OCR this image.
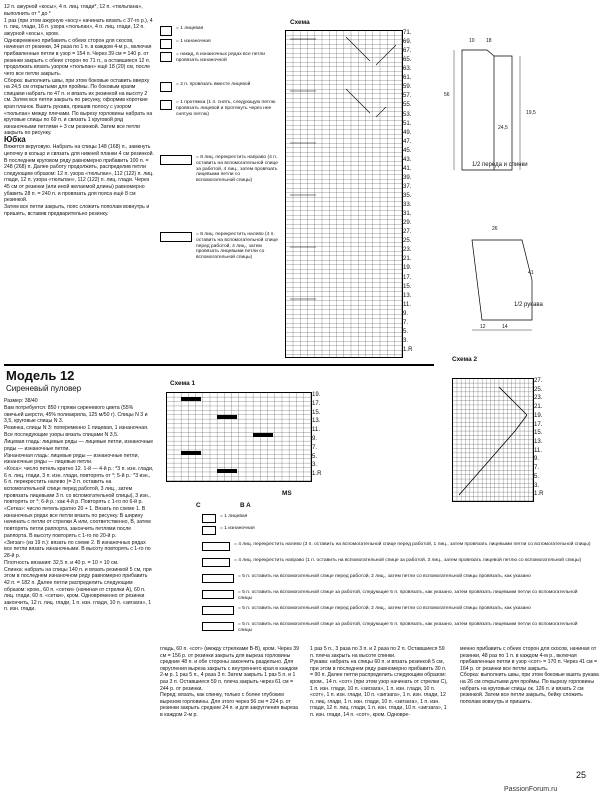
12 п. ажурной «косы», 4 п. лиц. глади*, 12 п. «тюльпана», выполнить от * до *

1 раз (при этом ажурную «косу» начинать вязать с 37-го р.), 4 п. лиц. глади, 16 п. узора «тюльпан», 4 п. лиц. глади, 12 п. ажурной «косы», кром.

Одновременно прибавить с обеих сторон для скосов, начиная от резинки, 34 раза по 1 п. в каждом 4-м р., включая прибавленные петли в узор = 154 п. Через 39 см = 140 р. от резинки закрыть с обеих сторон по 71 п., а оставшиеся 12 п. продолжать вязать узором «тюльпан» ещё 18 (20) см, после чего все петли закрыть.

Сборка: выполнить швы, при этом боковые оставить вверху на 24,5 см открытыми для проймы. По боковым краям спицами набрать по 47 п. и вязать их резинкой на высоту 2 см. Затем все петли закрыть по рисунку, оформив короткие края планок. Вшить рукава, пришив полосу с узором «тюльпан» между плечами. По вырезу горловины набрать на круговые спицы по 69 п. и связать 1 круговой ряд изнаночными петлями + 3 см резинкой. Затем все петли закрыть по рисунку.

Юбка

Вяжется вкруговую. Набрать на спицы 148 (168) п., замкнуть цепочку в кольцо и связать для нижней планки 4 см резинкой. В последнем круговом ряду равномерно прибавить 100 п. = 248 (268) п. Далее работу продолжить, распределив петли следующим образом: 12 п. узора «тюльпан», 112 (122) п. лиц. глади, 12 п. узора «тюльпан», 112 (122) п. лиц. глади. Через 45 см от резинки (или иной желаемой длины) равномерно убавить 28 п. = 240 п. и провязать для пояса ещё 8 см резинкой.

Затем все петли закрыть, пояс сложить пополам вовнутрь и пришить, вставив предварительно резинку.

= 1 лицевая
= 1 изнаночная
= накид, в изнаночных рядах все петли провязать изнаночной
= 2 п. провязать вместе лицевой
= 1 протяжка (1 п. снять, следующую петлю провязать лицевой и протянуть через нее снятую петлю)
= 8 лиц. перекрестить направо (4 п. оставить на вспомогательной спице за работой, 4 лиц., затем провязать лицевыми петли со вспомогательной спицы)
= 8 лиц. перекрестить налево (4 п. оставить на вспомогательной спице перед работой, 4 лиц., затем провязать лицевыми петли со вспомогательной спицы)
Схема
71.
69.
67.
65.
63.
61.
59.
57.
55.
53.
51.
49.
47.
45.
43.
41.
39.
37.
35.
33.
31.
29.
27.
25.
23.
21.
19.
17.
15.
13.
11.
9.
7.
5.
3.
1.R
10 18
26
56
24,5
19,5
1/2 переда и спинки
41
12	14
1/2 рукава
Модель 12
Сиреневый пуловер

Размер: 38/40

Вам потребуется: 850 г пряжи сиреневого цвета (55% овечьей шерсти, 45% полиакрила, 125 м/50 г). Спицы N 3 и 3,5, круговые спицы N 3.

Резинка, спицы N 3: попеременно 1 лицевая, 1 изнаночная.

Все последующие узоры вязать спицами N 3,5.

Лицевая гладь: лицевые ряды — лицевые петли, изнаночные ряды — изнаночные петли.

Изнаночная гладь: лицевые ряды — изнаночные петли, изнаночные ряды — лицевые петли.

«Коса»: число петель кратно 12. 1-й — 4-й р.: *3 п. изн. глади, 6 п. лиц. глади, 3 п. изн. глади, повторять от *; 5-й р.: *3 изн., 6 п. перекрестить налево (= 3 п. оставить на вспомогательной спице перед работой, 3 лиц., затем провязать лицевыми 3 п. со вспомогательной спицы), 3 изн., повторять от *; 6-й р.: как 4-й р. Повторять с 1-го по 6-й р.

«Сетка»: число петель кратно 20 + 1. Вязать по схеме 1. В изнаночных рядах все петли вязать по рисунку. В ширину начинать с петли от стрелки А или, соответственно, В, затем повторять петли раппорта, закончить петлями после раппорта. В высоту повторять с 1-го по 20-й р.

«Зигзаг» (из 19 п.): вязать по схеме 2. В изнаночных рядах все петли вязать изнаночными. В высоту повторять с 1-го по 28-й р.

Плотность вязания: 32,5 п. и 40 р. = 10 × 10 см.

Спинка: набрать на спицы 140 п. и вязать резинкой 5 см, при этом в последнем изнаночном ряду равномерно прибавить 42 п. = 182 п. Далее петли распределить следующим образом: кром., 60 п. «сетки» (начиная от стрелки A), 60 п. лиц. глади, 60 п. «сетки», кром. Одновременно от резинки закончить, 12 п. лиц. глади, 1 п. изн. глади, 10 п. «зигзага», 1 п. изн. глади.

Схема 1
19.
17.
15.
13.
11.
9.
7.
5.
3.
1.R
C	B A
MS
Схема 2
27.
25.
23.
21.
19.
17.
15.
13.
11.
9.
7.
5.
3.
1.R
= 1 лицевая
= 1 изнаночная
= 4 лиц. перекрестить налево (3 п. оставить на вспомогательной спице перед работой, 1 лиц., затем провязать лицевыми петли со вспомогательной спицы)
= 4 лиц. перекрестить направо (1 п. оставить на вспомогательной спице за работой, 3 лиц., затем провязать лицевой петлю со вспомогательной спицы)
= 5 п. оставить на вспомогательной спице перед работой, 2 лиц., затем петли со вспомогательной спицы провязать, как указано
= 5 п. оставить на вспомогательной спице за работой, следующие 5 п. провязать, как указано, затем провязать лицевыми петли со вспомогательной спицы
= 5 п. оставить на вспомогательной спице перед работой, 2 лиц., затем петли со вспомогательной спицы провязать, как указано
= 5 п. оставить на вспомогательной спице за работой, следующие 5 п. провязать, как указано, затем провязать лицевыми петли со вспомогательной спицы

гладь, 60 п. «сот» (между стрелками В-В), кром. Через 39 см = 156 р. от резинки закрыть для выреза горловины средние 48 п. и обе стороны закончить раздельно. Для округления выреза закрыть с внутреннего края в каждом 2-м р. 1 раз 5 п., 4 раза 3 п. Затем закрыть 1 раз 5 п. и 1 раз 3 п. Оставшиеся 59 п. плеча закрыть через 61 см = 244 р. от резинки.
Перед: вязать, как спинку, только с более глубоким вырезом горловины. Для этого через 56 см = 224 р. от резинки закрыть средние 24 п. и для закругления выреза в каждом 2-м р.

1 раз 5 п., 3 раза по 3 п. и 2 раза по 2 п. Оставшиеся 59 п. плеча закрыть на высоте спинки.
Рукава: набрать на спицы 60 п. и вязать резинкой 5 см, при этом в последнем ряду равномерно прибавить 30 п. = 90 п. Далее петли распределить следующим образом: кром., 14 п. «сот» (при этом узор начинать от стрелки C), 1 п. изн. глади, 10 п. «зигзага», 1 п. изн. глади, 10 п. «сот», 1 п. изн. глади, 10 п. «зигзага», 1 п. изн. глади, 12 п. лиц. глади, 1 п. изн. глади, 10 п. «зигзага», 1 п. изн. глади, 12 п. лиц. глади, 1 п. изн. глади, 10 п. «зигзага», 1 п. изн. глади, 14 п. «сот», кром. Одновре-

менно прибавить с обеих сторон для скосов, начиная от резинки, 48 раз по 1 п. в каждом 4-м р., включая прибавленные петли в узор «сот» = 170 п. Через 41 см = 164 р. от резинки все петли закрыть.
Сборка: выполнить швы, при этом боковые вшить рукава на 26 см открытыми для проймы. По вырезу горловины набрать на круговые спицы ок. 126 п. и вязать 2 см резинкой. Затем все петли закрыть, бейку сложить пополам вовнутрь и пришить.

25
PassionForum.ru
